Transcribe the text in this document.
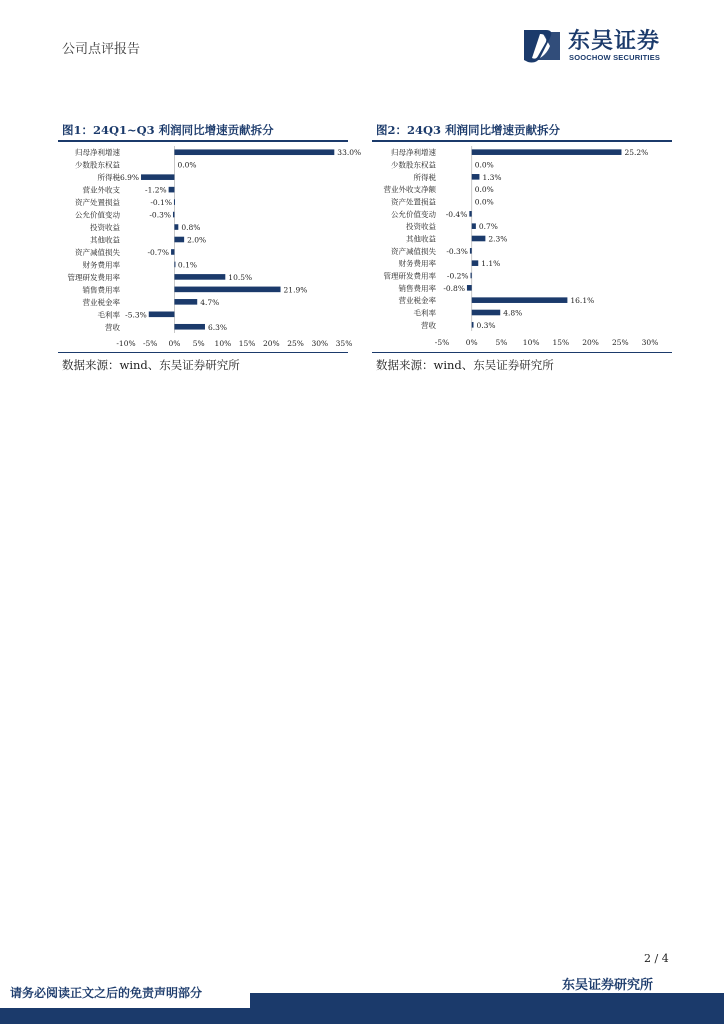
公司点评报告	东吴证券
SOOCHOW SECURITIES
图1：24Q1~Q3 利润同比增速贡献拆分
归母净利增速	33.0%
少数股东权益	0.0%
所得税
-6.9%
营业外收支	-1.2%
资产处置损益	-0.1%
公允价值变动	-0.3%
投资收益	0.8%
其他收益	2.0%
资产减值损失	-0.7%
财务费用率	0.1%
管理研发费用率	10.5%
销售费用率	21.9%
营业税金率	4.7%
毛利率 -5.3%
营收	6.3%
-10% -5% 0% 5% 10% 15% 20% 25% 30% 35%
数据来源：wind、东吴证券研究所
图2：24Q3 利润同比增速贡献拆分
归母净利增速	25.2%
少数股东权益	0.0%
所得税	1.3%
营业外收支净额	0.0%
资产处置损益	0.0%
公允价值变动 -0.4%
投资收益	0.7%
其他收益	2.3%
资产减值损失 -0.3%
财务费用率	1.1%
管理研发费用率 -0.2%
销售费用率 -0.8%
营业税金率	16.1%
毛利率	4.8%
营收	0.3%
-5% 0% 5% 10% 15% 20% 25% 30%
数据来源：wind、东吴证券研究所
2 / 4
东吴证券研究所
请务必阅读正文之后的免责声明部分
